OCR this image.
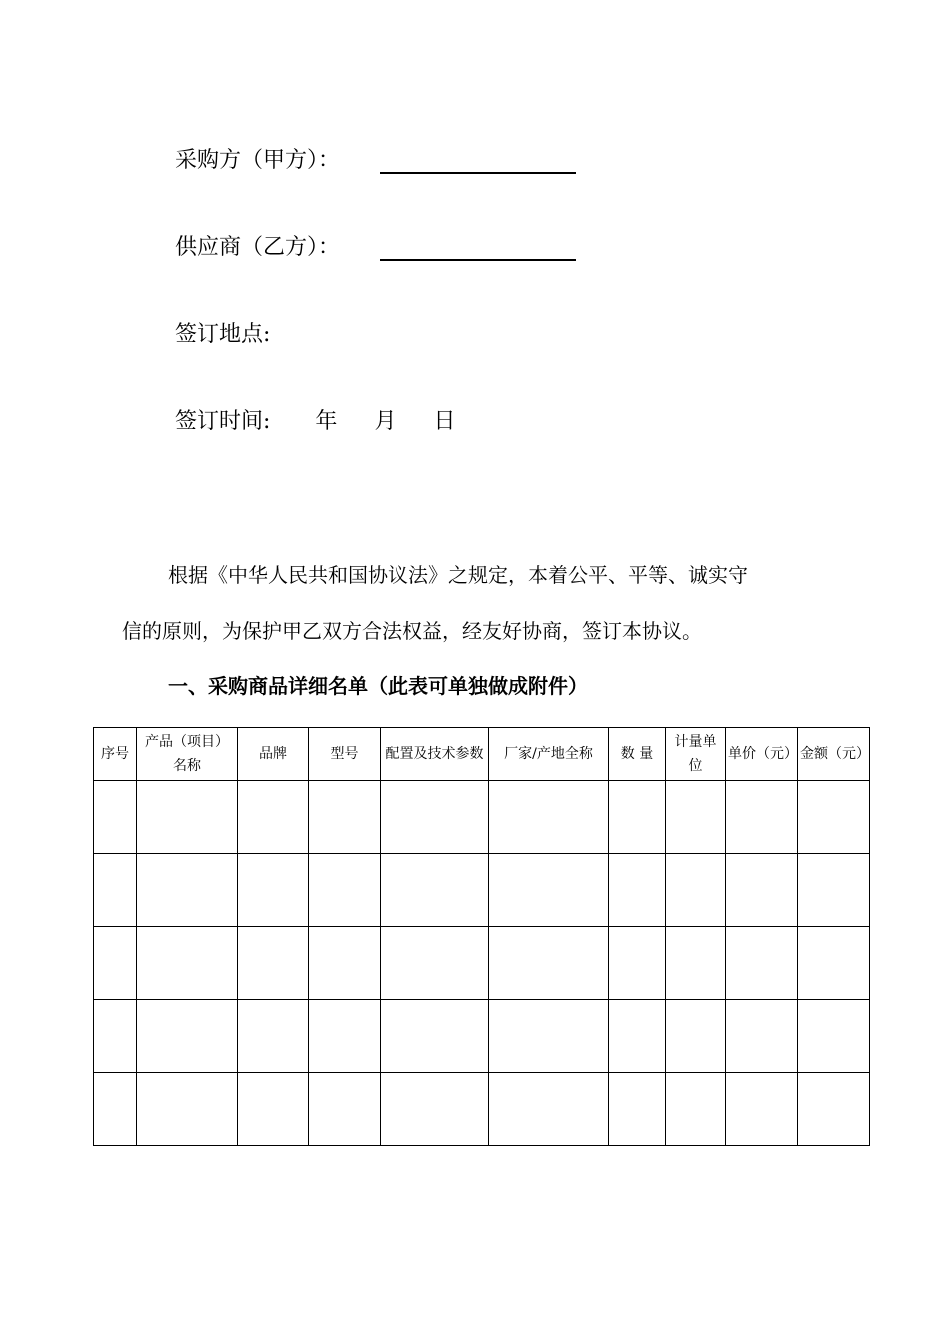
采购方（甲方）：
供应商（乙方）：
签订地点:
签订时间: 年 月 日
根据《中华人民共和国协议法》之规定，本着公平、平等、诚实守
信的原则，为保护甲乙双方合法权益，经友好协商，签订本协议。
一、采购商品详细名单（此表可单独做成附件）
序号	产品（项目）名称	品牌	型号	配置及技术参数	厂家/产地全称	数 量	计量单位	单价（元）	金额（元）
